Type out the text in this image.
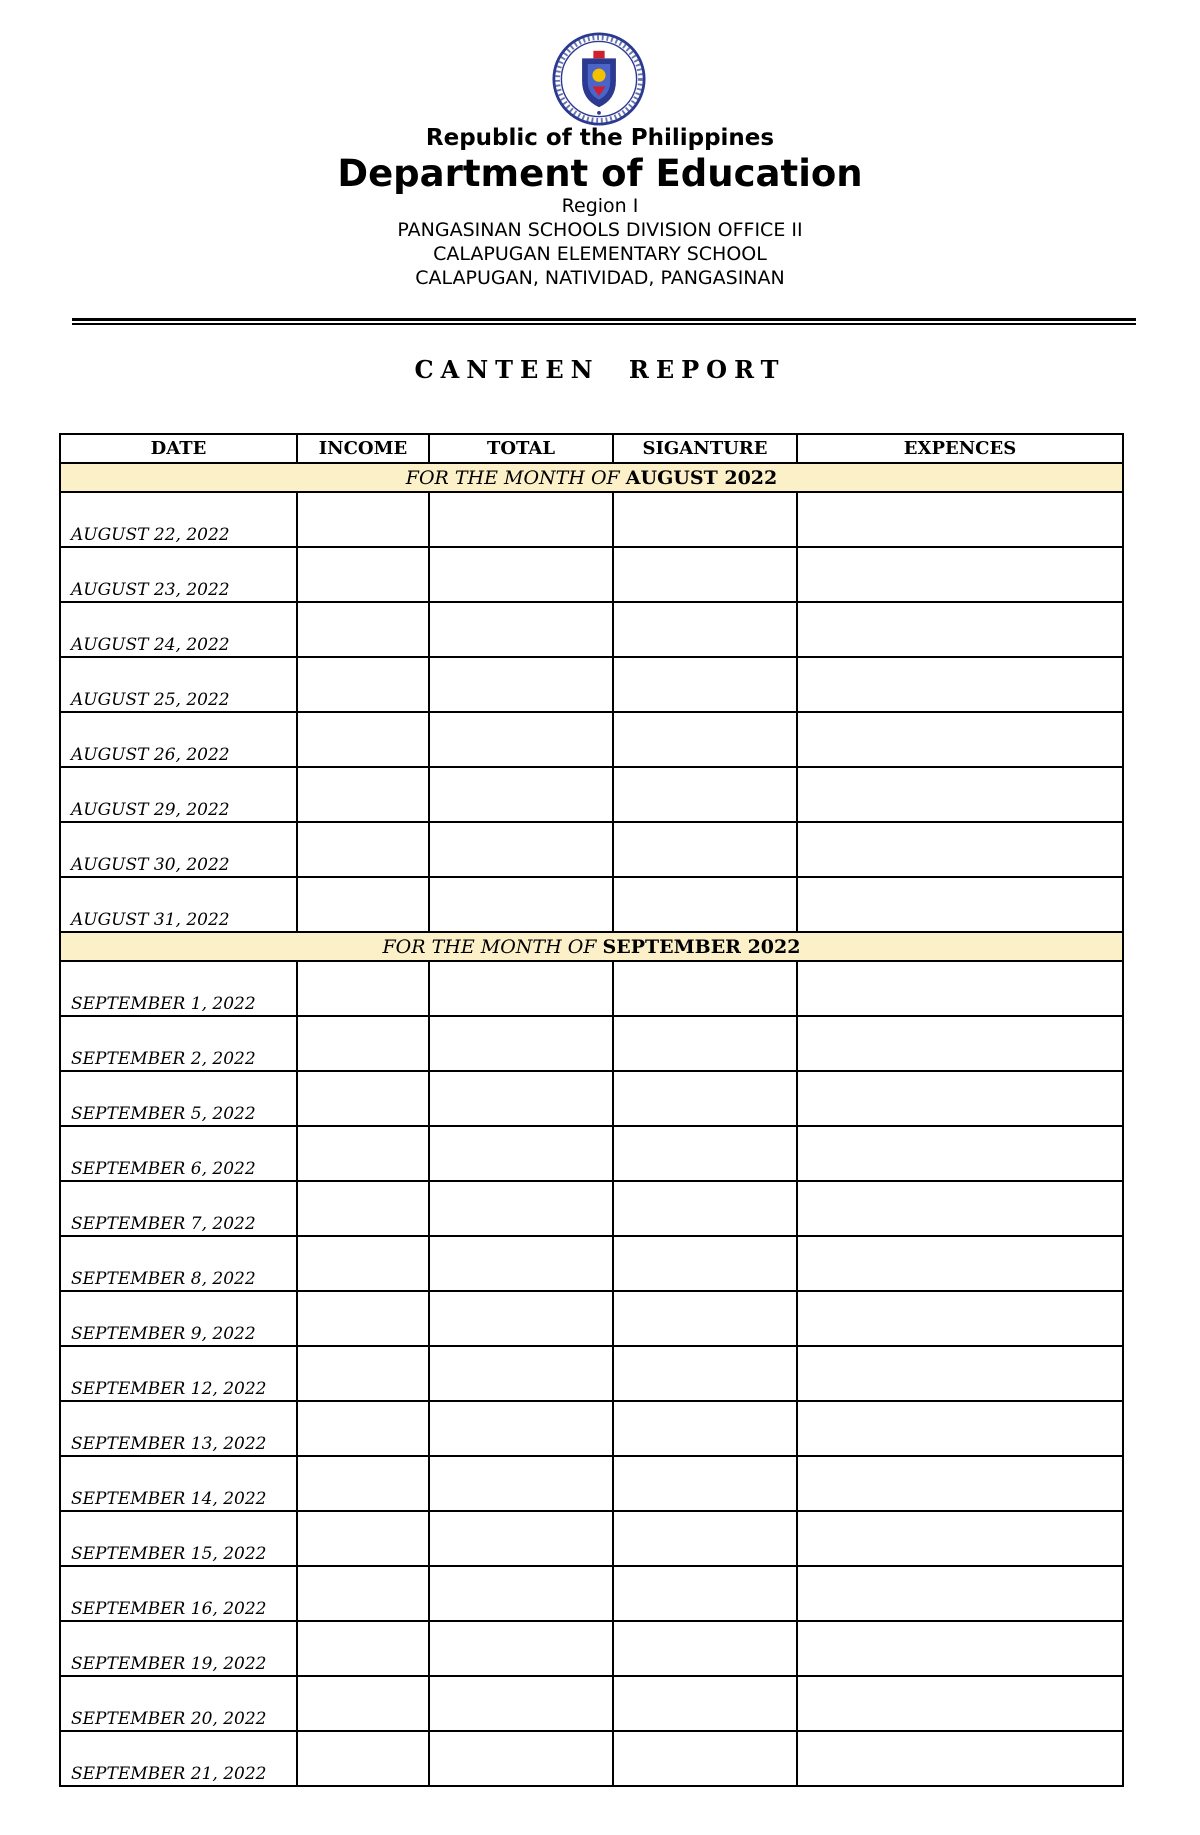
Republic of the Philippines
Department of Education
Region I
PANGASINAN SCHOOLS DIVISION OFFICE II
CALAPUGAN ELEMENTARY SCHOOL
CALAPUGAN, NATIVIDAD, PANGASINAN
CANTEEN REPORT
DATE	INCOME	TOTAL	SIGANTURE	EXPENCES
FOR THE MONTH OF AUGUST 2022				
AUGUST 22, 2022				
AUGUST 23, 2022				
AUGUST 24, 2022				
AUGUST 25, 2022				
AUGUST 26, 2022				
AUGUST 29, 2022				
AUGUST 30, 2022				
AUGUST 31, 2022				
FOR THE MONTH OF SEPTEMBER 2022				
SEPTEMBER 1, 2022				
SEPTEMBER 2, 2022				
SEPTEMBER 5, 2022				
SEPTEMBER 6, 2022				
SEPTEMBER 7, 2022				
SEPTEMBER 8, 2022				
SEPTEMBER 9, 2022				
SEPTEMBER 12, 2022				
SEPTEMBER 13, 2022				
SEPTEMBER 14, 2022				
SEPTEMBER 15, 2022				
SEPTEMBER 16, 2022				
SEPTEMBER 19, 2022				
SEPTEMBER 20, 2022				
SEPTEMBER 21, 2022				
